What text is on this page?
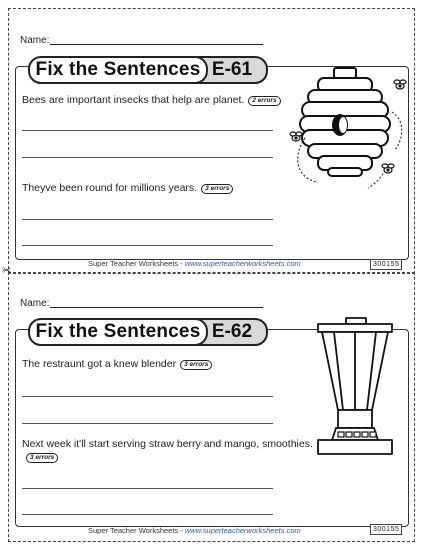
✂
Name:
E-61
Fix the Sentences
Bees are important insecks that help are planet. 2 errors
Theyve been round for millions years. 3 errors
Super Teacher Worksheets - www.superteacherworksheets.com	300155
Name:
E-62
Fix the Sentences
The restraunt got a knew blender 3 errors
Next week it'll start serving straw berry and mango, smoothies.3 errors
Super Teacher Worksheets - www.superteacherworksheets.com	300155
